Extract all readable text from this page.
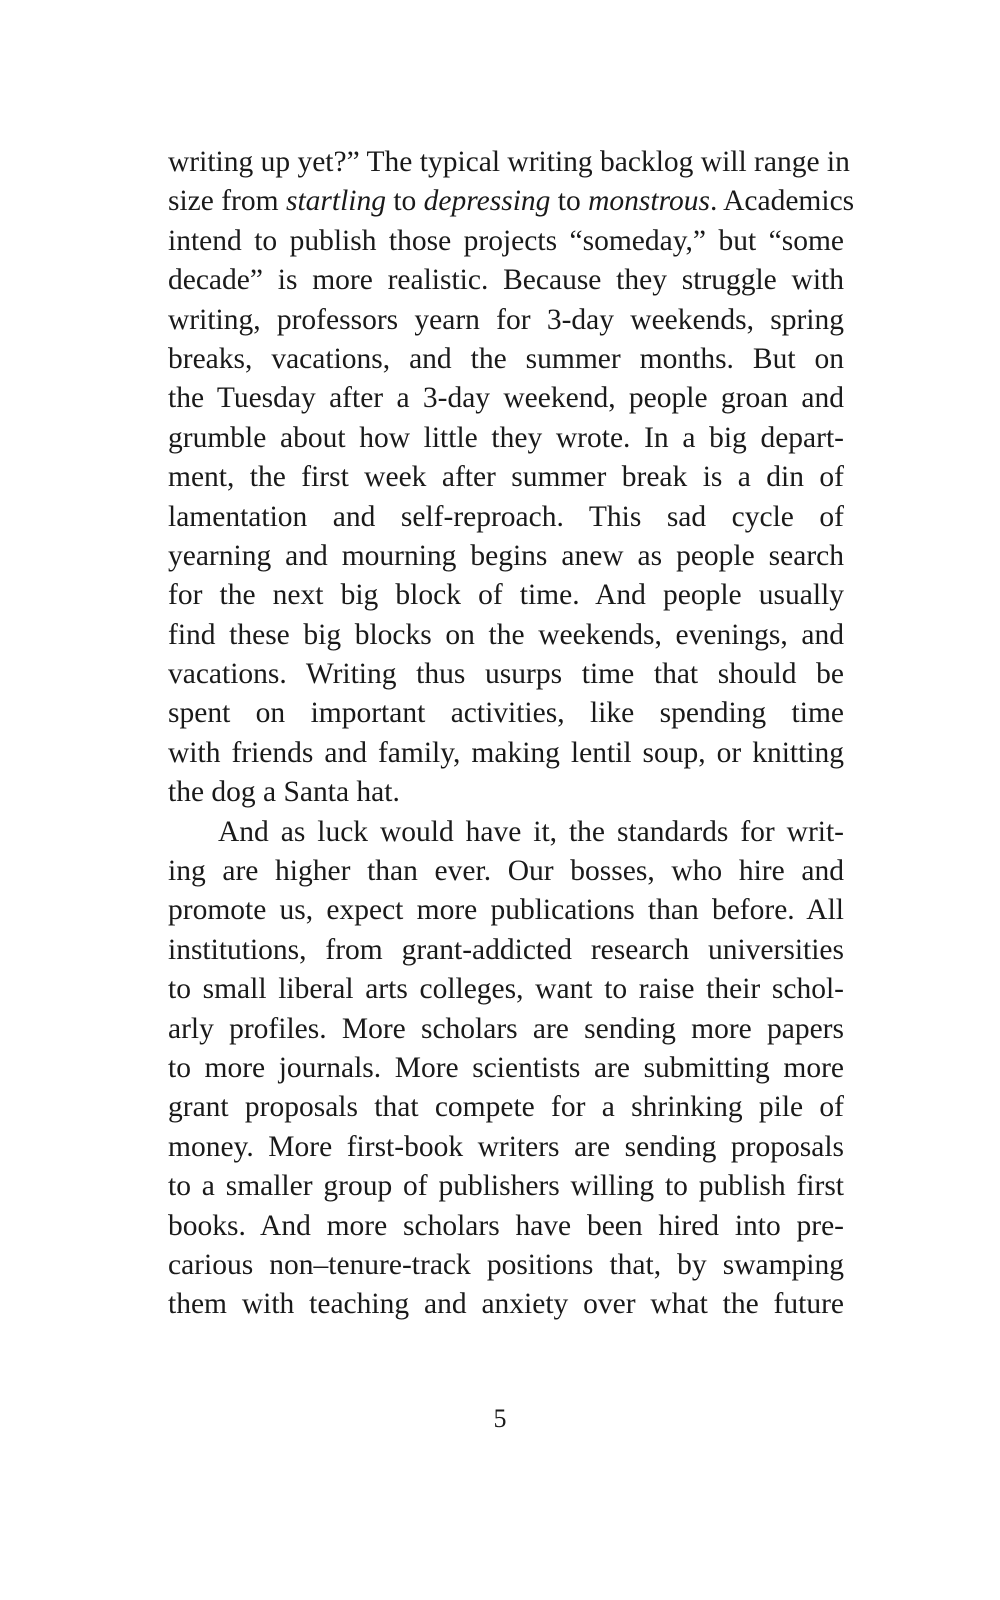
writing up yet?” The typical writing backlog will range in
size from startling to depressing to monstrous. Academics
intend to publish those projects “someday,” but “some
decade” is more realistic. Because they struggle with
writing, professors yearn for 3-day weekends, spring
breaks, vacations, and the summer months. But on
the Tuesday after a 3-day weekend, people groan and
grumble about how little they wrote. In a big depart-
ment, the first week after summer break is a din of
lamentation and self-reproach. This sad cycle of
yearning and mourning begins anew as people search
for the next big block of time. And people usually
find these big blocks on the weekends, evenings, and
vacations. Writing thus usurps time that should be
spent on important activities, like spending time
with friends and family, making lentil soup, or knitting
the dog a Santa hat.
And as luck would have it, the standards for writ-
ing are higher than ever. Our bosses, who hire and
promote us, expect more publications than before. All
institutions, from grant-addicted research universities
to small liberal arts colleges, want to raise their schol-
arly profiles. More scholars are sending more papers
to more journals. More scientists are submitting more
grant proposals that compete for a shrinking pile of
money. More first-book writers are sending proposals
to a smaller group of publishers willing to publish first
books. And more scholars have been hired into pre-
carious non–tenure-track positions that, by swamping
them with teaching and anxiety over what the future
5
